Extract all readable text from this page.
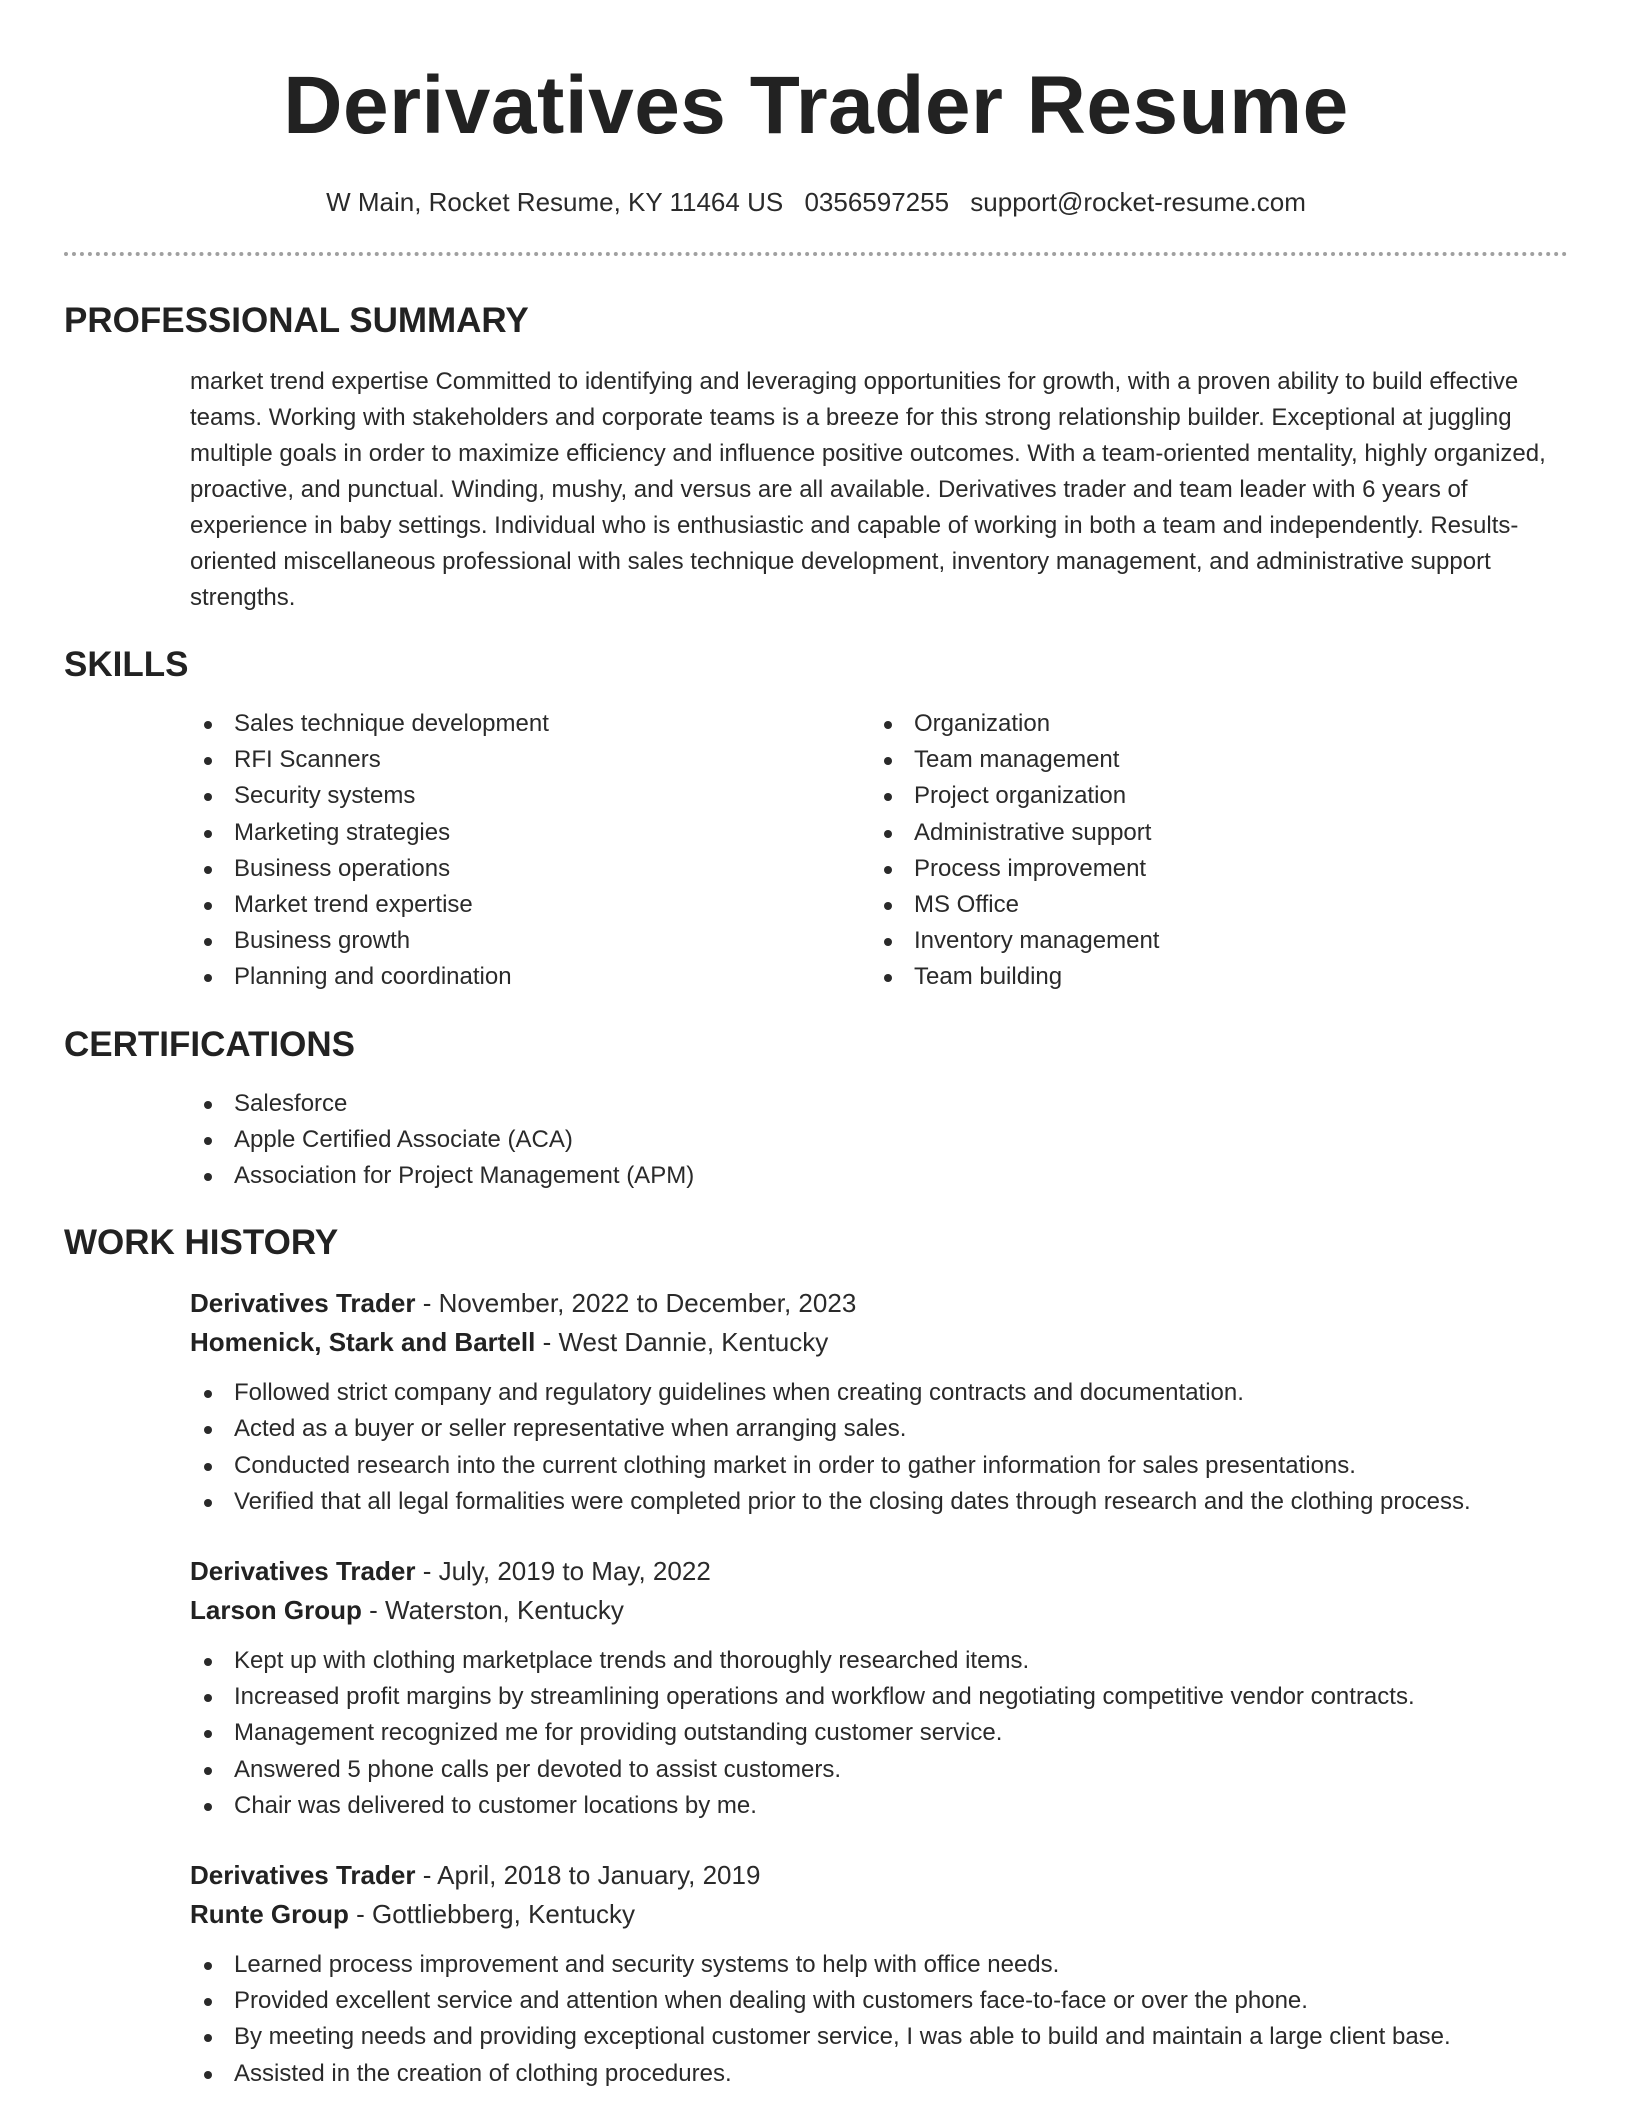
Derivatives Trader Resume
W Main, Rocket Resume, KY 11464 US 0356597255 support@rocket-resume.com
PROFESSIONAL SUMMARY

market trend expertise Committed to identifying and leveraging opportunities for growth, with a proven ability to build effective teams. Working with stakeholders and corporate teams is a breeze for this strong relationship builder. Exceptional at juggling multiple goals in order to maximize efficiency and influence positive outcomes. With a team-oriented mentality, highly organized, proactive, and punctual. Winding, mushy, and versus are all available. Derivatives trader and team leader with 6 years of experience in baby settings. Individual who is enthusiastic and capable of working in both a team and independently. Results-oriented miscellaneous professional with sales technique development, inventory management, and administrative support strengths.

SKILLS
Sales technique development
RFI Scanners
Security systems
Marketing strategies
Business operations
Market trend expertise
Business growth
Planning and coordination
Organization
Team management
Project organization
Administrative support
Process improvement
MS Office
Inventory management
Team building
CERTIFICATIONS
Salesforce
Apple Certified Associate (ACA)
Association for Project Management (APM)
WORK HISTORY
Derivatives Trader - November, 2022 to December, 2023
Homenick, Stark and Bartell - West Dannie, Kentucky
Followed strict company and regulatory guidelines when creating contracts and documentation.
Acted as a buyer or seller representative when arranging sales.
Conducted research into the current clothing market in order to gather information for sales presentations.
Verified that all legal formalities were completed prior to the closing dates through research and the clothing process.
Derivatives Trader - July, 2019 to May, 2022
Larson Group - Waterston, Kentucky
Kept up with clothing marketplace trends and thoroughly researched items.
Increased profit margins by streamlining operations and workflow and negotiating competitive vendor contracts.
Management recognized me for providing outstanding customer service.
Answered 5 phone calls per devoted to assist customers.
Chair was delivered to customer locations by me.
Derivatives Trader - April, 2018 to January, 2019
Runte Group - Gottliebberg, Kentucky
Learned process improvement and security systems to help with office needs.
Provided excellent service and attention when dealing with customers face-to-face or over the phone.
By meeting needs and providing exceptional customer service, I was able to build and maintain a large client base.
Assisted in the creation of clothing procedures.
